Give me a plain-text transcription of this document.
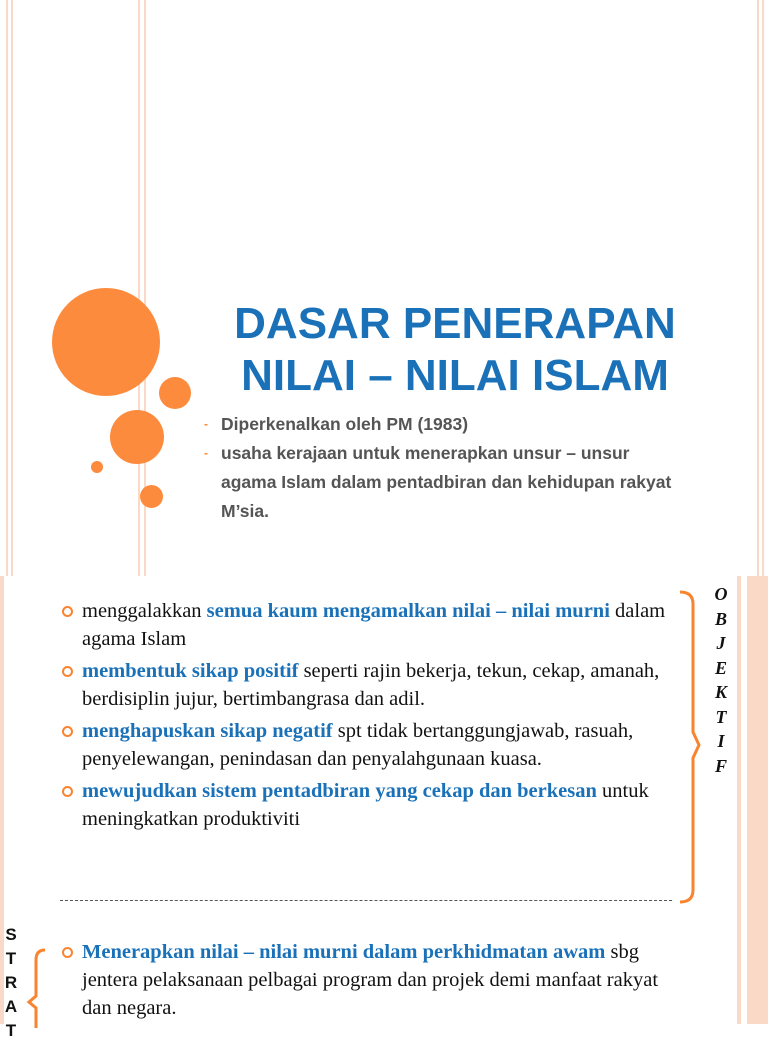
DASAR PENERAPAN
NILAI – NILAI ISLAM
- Diperkenalkan oleh PM (1983)
- usaha kerajaan untuk menerapkan unsur – unsur agama Islam dalam pentadbiran dan kehidupan rakyat M’sia.
menggalakkan semua kaum mengamalkan nilai – nilai murni dalam agama Islam
membentuk sikap positif seperti rajin bekerja, tekun, cekap, amanah, berdisiplin jujur, bertimbangrasa dan adil.
menghapuskan sikap negatif spt tidak bertanggungjawab, rasuah, penyelewangan, penindasan dan penyalahgunaan kuasa.
mewujudkan sistem pentadbiran yang cekap dan berkesan untuk meningkatkan produktiviti
O
B
J
E
K
T
I
F
S
T
R
A
T
Menerapkan nilai – nilai murni dalam perkhidmatan awam sbg jentera pelaksanaan pelbagai program dan projek demi manfaat rakyat dan negara.
